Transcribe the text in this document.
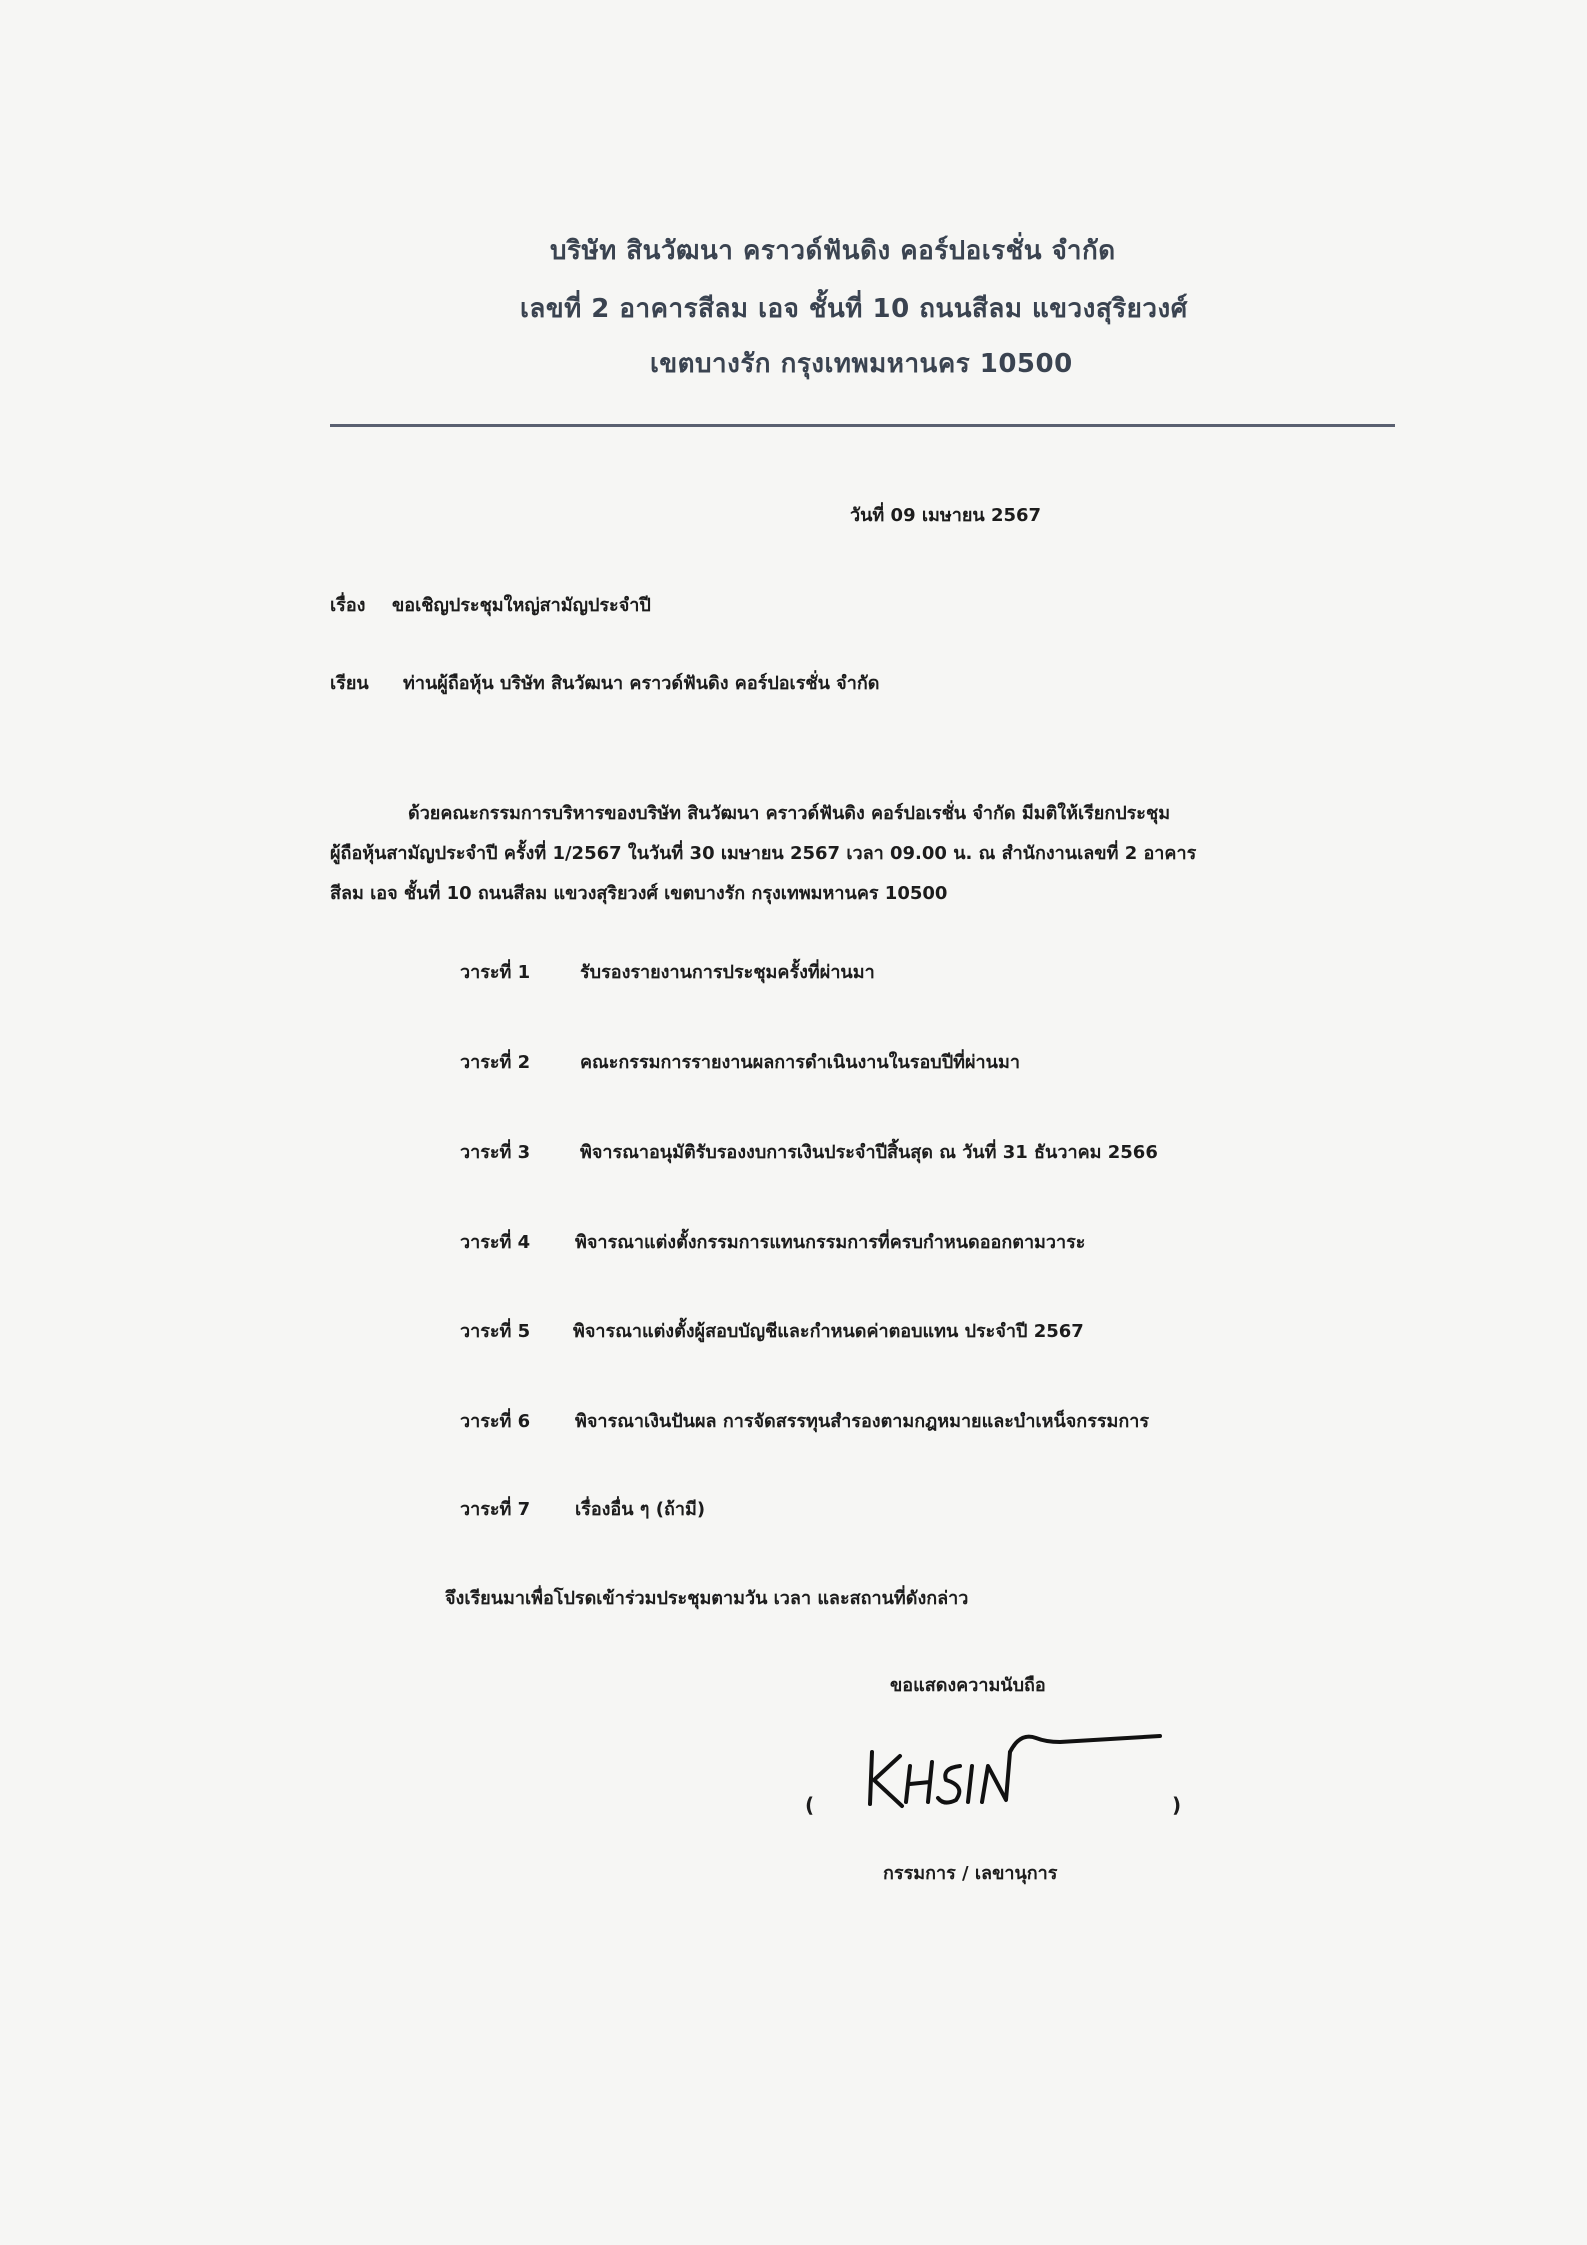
บริษัท สินวัฒนา คราวด์ฟันดิง คอร์ปอเรชั่น จำกัด
เลขที่ 2 อาคารสีลม เอจ ชั้นที่ 10 ถนนสีลม แขวงสุริยวงศ์
เขตบางรัก กรุงเทพมหานคร 10500
วันที่ 09 เมษายน 2567
เรื่อง ขอเชิญประชุมใหญ่สามัญประจำปี
เรียน ท่านผู้ถือหุ้น บริษัท สินวัฒนา คราวด์ฟันดิง คอร์ปอเรชั่น จำกัด
ด้วยคณะกรรมการบริหารของบริษัท สินวัฒนา คราวด์ฟันดิง คอร์ปอเรชั่น จำกัด มีมติให้เรียกประชุม
ผู้ถือหุ้นสามัญประจำปี ครั้งที่ 1/2567 ในวันที่ 30 เมษายน 2567 เวลา 09.00 น. ณ สำนักงานเลขที่ 2 อาคาร
สีลม เอจ ชั้นที่ 10 ถนนสีลม แขวงสุริยวงศ์ เขตบางรัก กรุงเทพมหานคร 10500
วาระที่ 1	รับรองรายงานการประชุมครั้งที่ผ่านมา
วาระที่ 2	คณะกรรมการรายงานผลการดำเนินงานในรอบปีที่ผ่านมา
วาระที่ 3	พิจารณาอนุมัติรับรองงบการเงินประจำปีสิ้นสุด ณ วันที่ 31 ธันวาคม 2566
วาระที่ 4 พิจารณาแต่งตั้งกรรมการแทนกรรมการที่ครบกำหนดออกตามวาระ
วาระที่ 5 พิจารณาแต่งตั้งผู้สอบบัญชีและกำหนดค่าตอบแทน ประจำปี 2567
วาระที่ 6 พิจารณาเงินปันผล การจัดสรรทุนสำรองตามกฎหมายและบำเหน็จกรรมการ
วาระที่ 7 เรื่องอื่น ๆ (ถ้ามี)
จึงเรียนมาเพื่อโปรดเข้าร่วมประชุมตามวัน เวลา และสถานที่ดังกล่าว
ขอแสดงความนับถือ
(	)
กรรมการ / เลขานุการ
